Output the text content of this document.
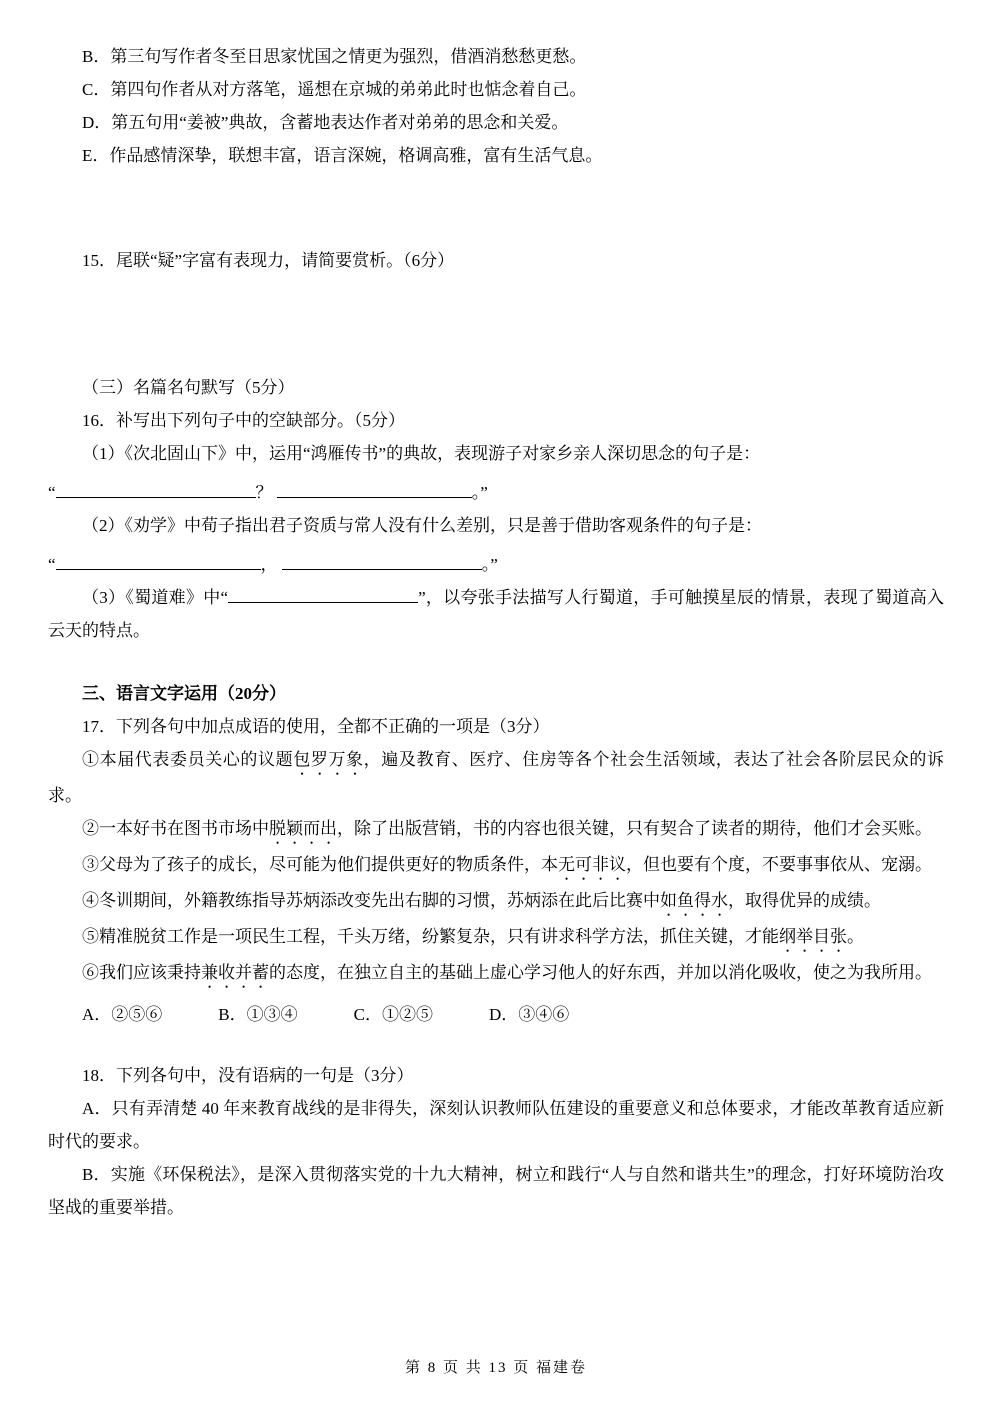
B．第三句写作者冬至日思家忧国之情更为强烈，借酒消愁愁更愁。

C．第四句作者从对方落笔，遥想在京城的弟弟此时也惦念着自己。

D．第五句用“姜被”典故，含蓄地表达作者对弟弟的思念和关爱。

E．作品感情深挚，联想丰富，语言深婉，格调高雅，富有生活气息。

15．尾联“疑”字富有表现力，请简要赏析。（6分）

（三）名篇名句默写（5分）

16．补写出下列句子中的空缺部分。（5分）

（1）《次北固山下》中，运用“鸿雁传书”的典故，表现游子对家乡亲人深切思念的句子是：

“	？	。”

（2）《劝学》中荀子指出君子资质与常人没有什么差别，只是善于借助客观条件的句子是：

“	，	。”

（3）《蜀道难》中“	”，以夸张手法描写人行蜀道，手可触摸星辰的情景，表现了蜀道高入云天的特点。

三、语言文字运用（20分）

17．下列各句中加点成语的使用，全都不正确的一项是（3分）

①本届代表委员关心的议题包罗万象，遍及教育、医疗、住房等各个社会生活领域，表达了社会各阶层民众的诉求。

②一本好书在图书市场中脱颖而出，除了出版营销，书的内容也很关键，只有契合了读者的期待，他们才会买账。

③父母为了孩子的成长，尽可能为他们提供更好的物质条件，本无可非议，但也要有个度，不要事事依从、宠溺。

④冬训期间，外籍教练指导苏炳添改变先出右脚的习惯，苏炳添在此后比赛中如鱼得水，取得优异的成绩。

⑤精准脱贫工作是一项民生工程，千头万绪，纷繁复杂，只有讲求科学方法，抓住关键，才能纲举目张。

⑥我们应该秉持兼收并蓄的态度，在独立自主的基础上虚心学习他人的好东西，并加以消化吸收，使之为我所用。

A．②⑤⑥	B．①③④	C．①②⑤	D．③④⑥

18．下列各句中，没有语病的一句是（3分）

A．只有弄清楚 40 年来教育战线的是非得失，深刻认识教师队伍建设的重要意义和总体要求，才能改革教育适应新时代的要求。

B．实施《环保税法》，是深入贯彻落实党的十九大精神，树立和践行“人与自然和谐共生”的理念，打好环境防治攻坚战的重要举措。

第 8 页 共 13 页 福建卷
